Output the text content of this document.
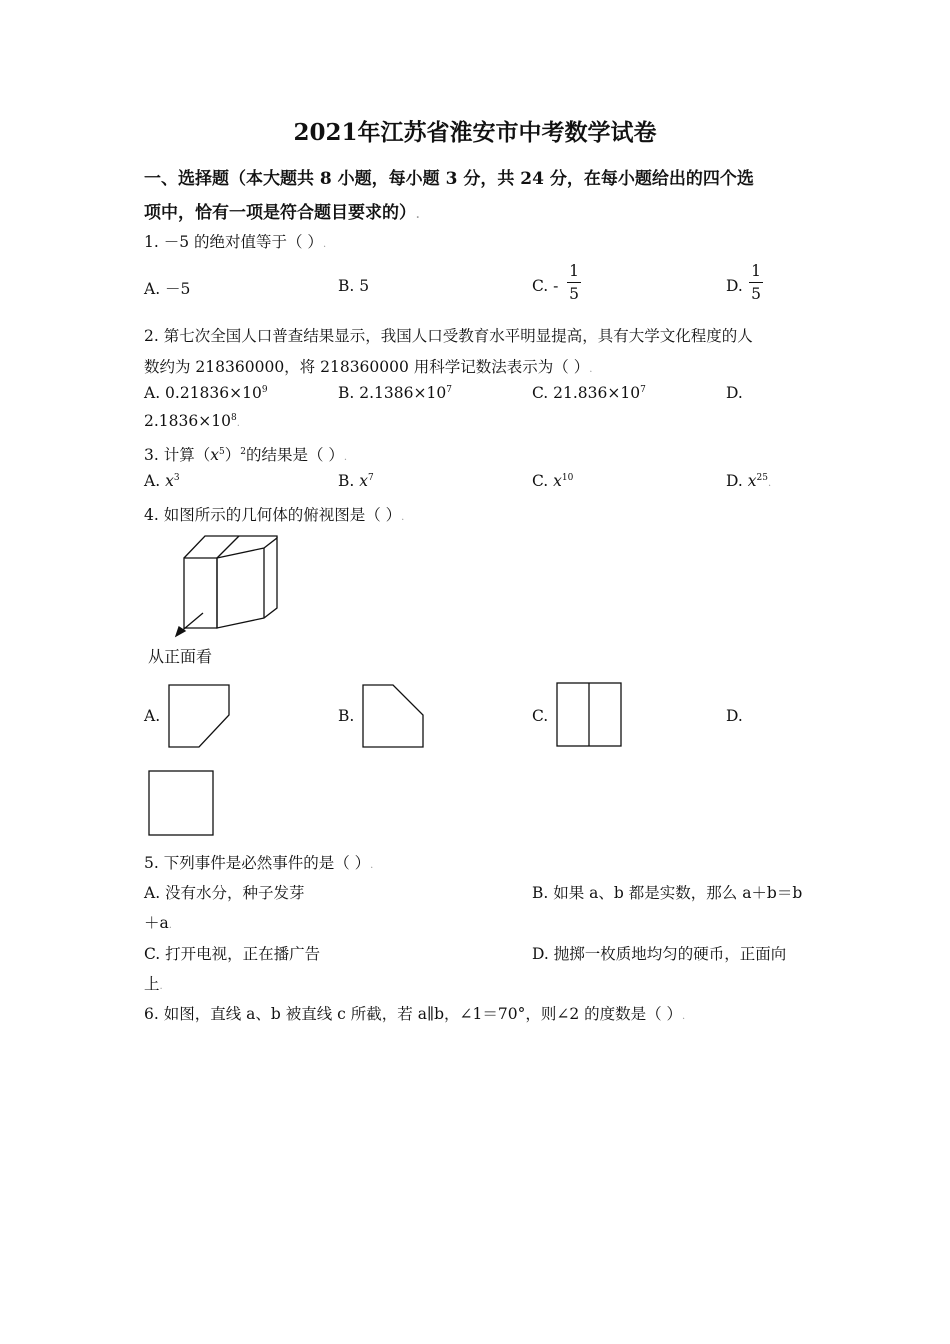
2021年江苏省淮安市中考数学试卷
一、选择题（本大题共 8 小题，每小题 3 分，共 24 分，在每小题给出的四个选
项中，恰有一项是符合题目要求的）.
1. －5 的绝对值等于（ ）.
A. －5	B. 5	C. -
1
5	D.
1
5
2. 第七次全国人口普查结果显示，我国人口受教育水平明显提高，具有大学文化程度的人
数约为 218360000，将 218360000 用科学记数法表示为（ ）.
A. $0.21836\times 10^9$	B. $2.1386\times 10^7$	C. $21.836\times 10^7$	D.
$2.1836\times 10^8$.
3. 计算$(x^5)^2$的结果是（ ）.
A. $x^3$	B. $x^7$	C. $x^{10}$	D. $x^{25}$.
4. 如图所示的几何体的俯视图是（ ）.
从正面看
A.	B.	C.	D.
5. 下列事件是必然事件的是（ ）.
A. 没有水分，种子发芽	B. 如果 a、b 都是实数，那么 a＋b＝b
＋a.
C. 打开电视，正在播广告	D. 抛掷一枚质地均匀的硬币，正面向
上.
6. 如图，直线 a、b 被直线 c 所截，若 a∥b，∠1＝70°，则∠2 的度数是（ ）.
